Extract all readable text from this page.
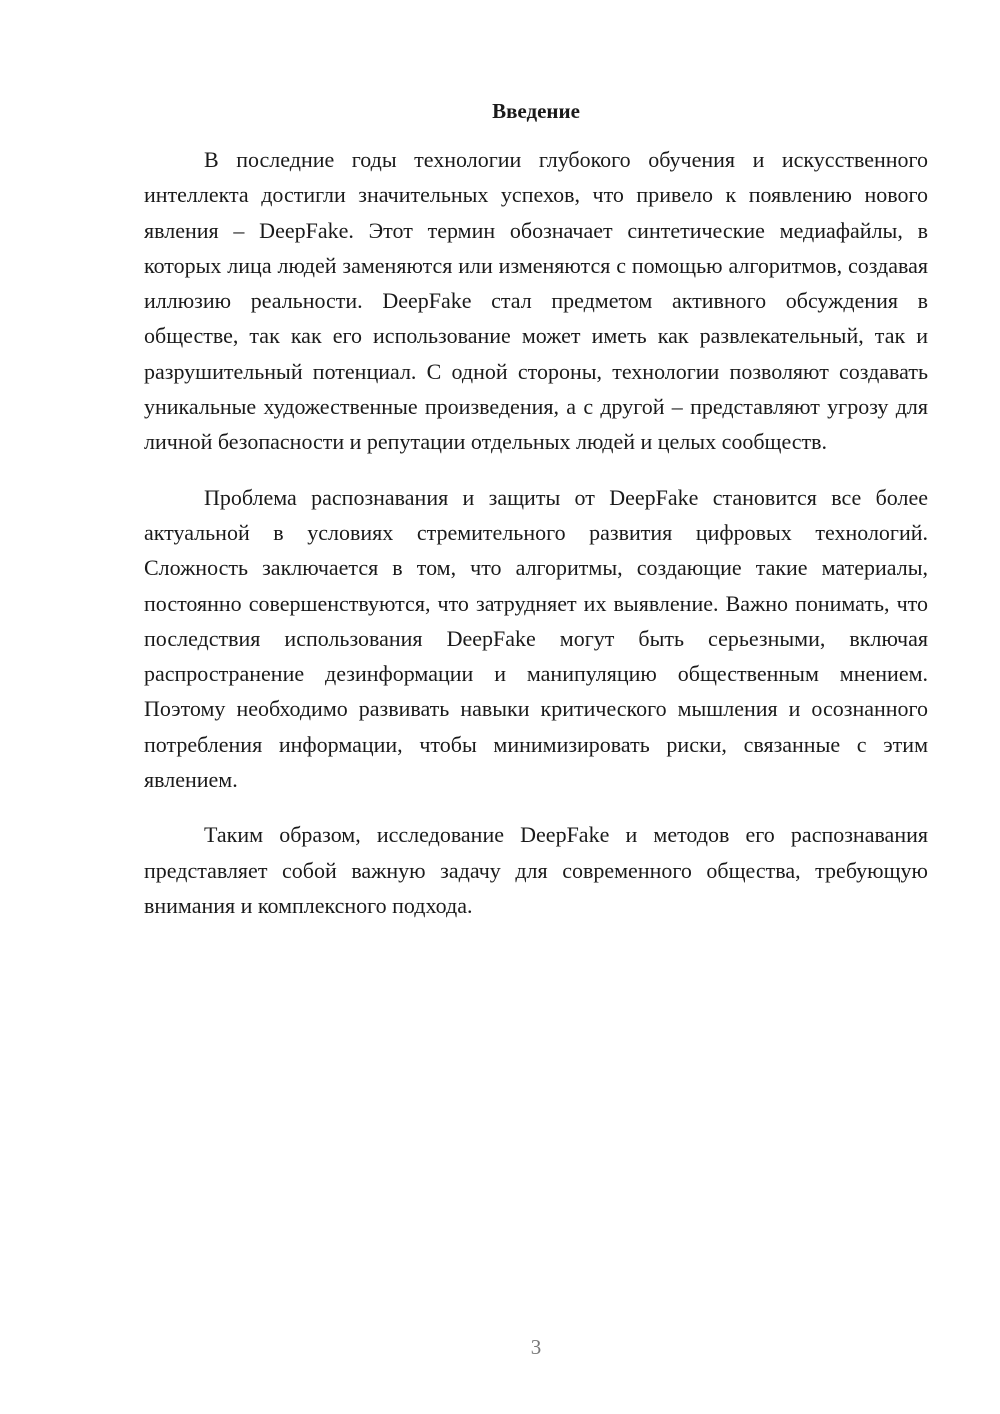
Введение

В последние годы технологии глубокого обучения и искусственного интеллекта достигли значительных успехов, что привело к появлению нового явления – DeepFake. Этот термин обозначает синтетические медиафайлы, в которых лица людей заменяются или изменяются с помощью алгоритмов, создавая иллюзию реальности. DeepFake стал предметом активного обсуждения в обществе, так как его использование может иметь как развлекательный, так и разрушительный потенциал. С одной стороны, технологии позволяют создавать уникальные художественные произведения, а с другой – представляют угрозу для личной безопасности и репутации отдельных людей и целых сообществ.

Проблема распознавания и защиты от DeepFake становится все более актуальной в условиях стремительного развития цифровых технологий. Сложность заключается в том, что алгоритмы, создающие такие материалы, постоянно совершенствуются, что затрудняет их выявление. Важно понимать, что последствия использования DeepFake могут быть серьезными, включая распространение дезинформации и манипуляцию общественным мнением. Поэтому необходимо развивать навыки критического мышления и осознанного потребления информации, чтобы минимизировать риски, связанные с этим явлением.

Таким образом, исследование DeepFake и методов его распознавания представляет собой важную задачу для современного общества, требующую внимания и комплексного подхода.

3
